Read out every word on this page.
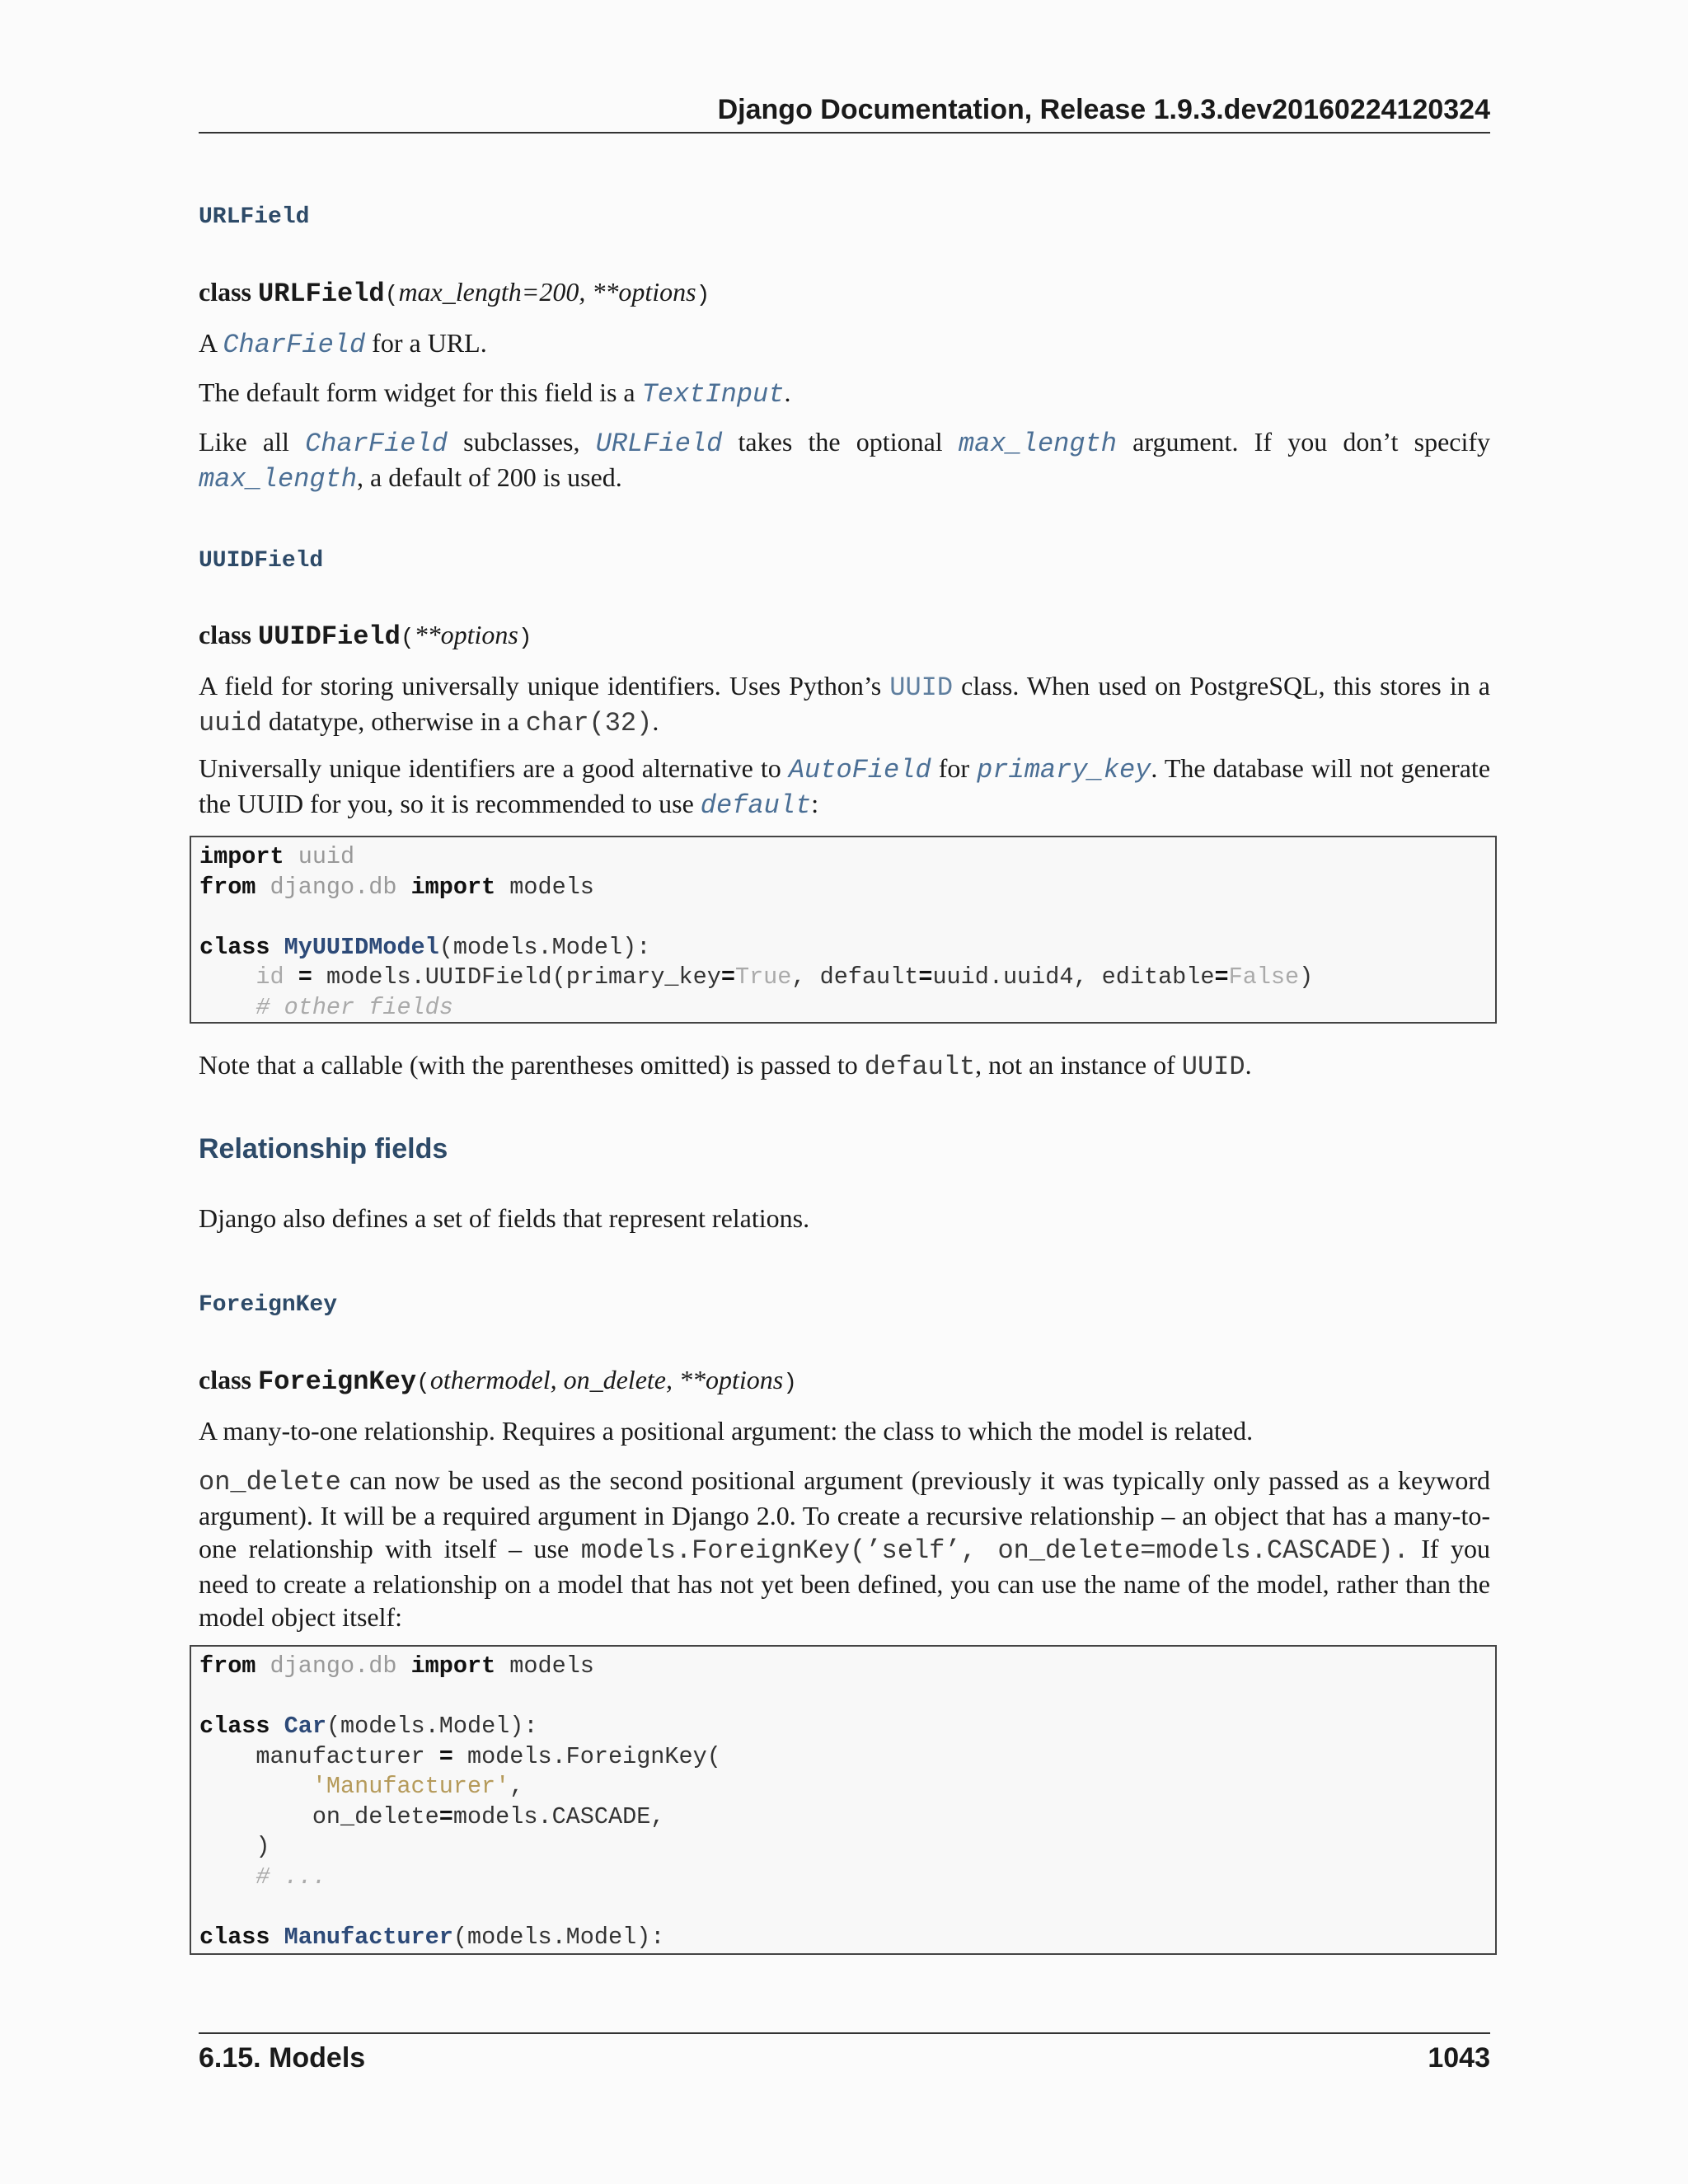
Django Documentation, Release 1.9.3.dev20160224120324
URLField
class URLField(max_length=200, **options)

A CharField for a URL.

The default form widget for this field is a TextInput.

Like all CharField subclasses, URLField takes the optional max_length argument. If you don’t specify max_length, a default of 200 is used.

UUIDField
class UUIDField(**options)

A field for storing universally unique identifiers. Uses Python’s UUID class. When used on PostgreSQL, this stores in a uuid datatype, otherwise in a char(32).

Universally unique identifiers are a good alternative to AutoField for primary_key. The database will not generate the UUID for you, so it is recommended to use default:

import uuid
from django.db import models

class MyUUIDModel(models.Model):
id = models.UUIDField(primary_key=True, default=uuid.uuid4, editable=False)
# other fields

Note that a callable (with the parentheses omitted) is passed to default, not an instance of UUID.

Relationship fields

Django also defines a set of fields that represent relations.

ForeignKey
class ForeignKey(othermodel, on_delete, **options)

A many-to-one relationship. Requires a positional argument: the class to which the model is related.

on_delete can now be used as the second positional argument (previously it was typically only passed as a keyword argument). It will be a required argument in Django 2.0. To create a recursive relationship – an object that has a many-to-one relationship with itself – use models.ForeignKey(’self’, on_delete=models.CASCADE). If you need to create a relationship on a model that has not yet been defined, you can use the name of the model, rather than the model object itself:

from django.db import models

class Car(models.Model):
manufacturer = models.ForeignKey(
'Manufacturer',
on_delete=models.CASCADE,
)
# ...

class Manufacturer(models.Model):
6.15. Models	1043
